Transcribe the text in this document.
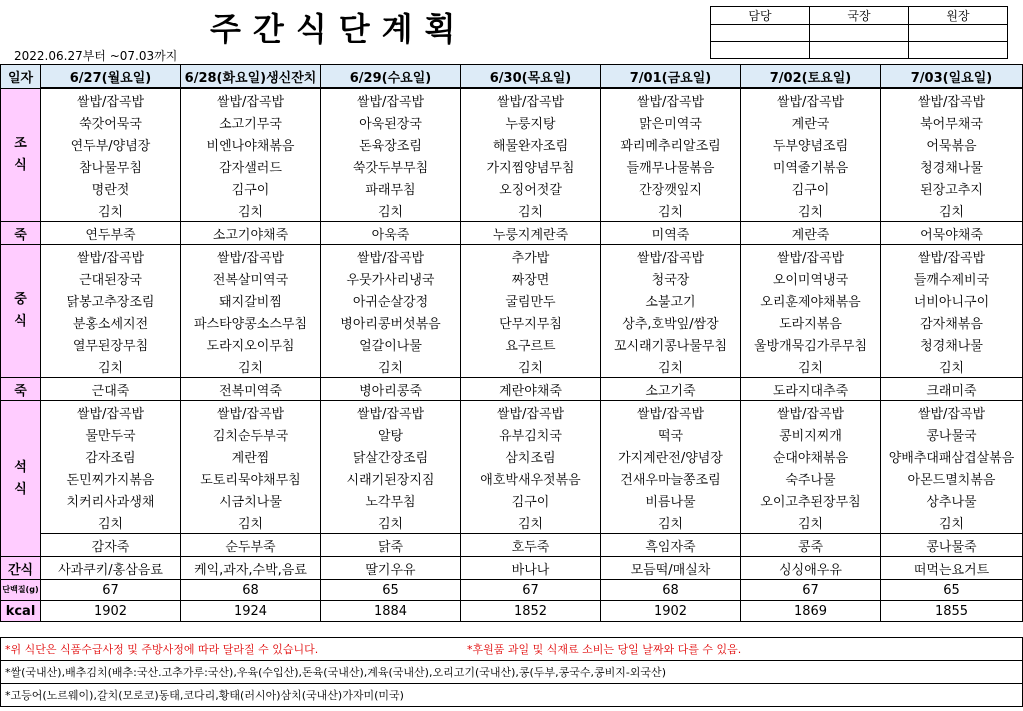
주간식단계획	담당	국장	원장

2022.06.27부터 ~07.03까지
일자	6/27(월요일)	6/28(화요일)생신잔치	6/29(수요일)	6/30(목요일)	7/01(금요일)	7/02(토요일)	7/03(일요일)
조식	쌀밥/잡곡밥	쌀밥/잡곡밥	쌀밥/잡곡밥	쌀밥/잡곡밥	쌀밥/잡곡밥	쌀밥/잡곡밥	쌀밥/잡곡밥
	쑥갓어묵국	소고기무국	아욱된장국	누룽지탕	맑은미역국	계란국	북어무채국
	연두부/양념장	비엔나야채볶음	돈육장조림	해물완자조림	꽈리메추리알조림	두부양념조림	어묵볶음
	참나물무침	감자샐러드	쑥갓두부무침	가지찜양념무침	들깨무나물볶음	미역줄기볶음	청경채나물
	명란젓	김구이	파래무침	오징어젓갈	간장깻잎지	김구이	된장고추지
	김치	김치	김치	김치	김치	김치	김치
죽	연두부죽	소고기야채죽	아욱죽	누룽지계란죽	미역죽	계란죽	어묵야채죽
중식	쌀밥/잡곡밥	쌀밥/잡곡밥	쌀밥/잡곡밥	추가밥	쌀밥/잡곡밥	쌀밥/잡곡밥	쌀밥/잡곡밥
	근대된장국	전복살미역국	우뭇가사리냉국	짜장면	청국장	오이미역냉국	들깨수제비국
	닭봉고추장조림	돼지갈비찜	아귀순살강정	굴림만두	소불고기	오리훈제야채볶음	너비아니구이
	분홍소세지전	파스타양콩소스무침	병아리콩버섯볶음	단무지무침	상추,호박잎/쌈장	도라지볶음	감자채볶음
	열무된장무침	도라지오이무침	얼갈이나물	요구르트	꼬시래기콩나물무침	울방개묵김가루무침	청경채나물
	김치	김치	김치	김치	김치	김치	김치
죽	근대죽	전복미역죽	병아리콩죽	계란야채죽	소고기죽	도라지대추죽	크래미죽
석식	쌀밥/잡곡밥	쌀밥/잡곡밥	쌀밥/잡곡밥	쌀밥/잡곡밥	쌀밥/잡곡밥	쌀밥/잡곡밥	쌀밥/잡곡밥
	물만두국	김치순두부국	알탕	유부김치국	떡국	콩비지찌개	콩나물국
	감자조림	계란찜	닭살간장조림	삼치조림	가지계란전/양념장	순대야채볶음	양배추대패삼겹살볶음
	돈민찌가지볶음	도토리묵야채무침	시래기된장지짐	애호박새우젓볶음	건새우마늘쫑조림	숙주나물	아몬드멸치볶음
	치커리사과생채	시금치나물	노각무침	김구이	비름나물	오이고추된장무침	상추나물
	김치	김치	김치	김치	김치	김치	김치
	감자죽	순두부죽	닭죽	호두죽	흑임자죽	콩죽	콩나물죽
간식	사과쿠키/홍삼음료	케익,과자,수박,음료	딸기우유	바나나	모듬떡/매실차	싱싱애우유	떠먹는요거트
단백질(g)	67	68	65	67	68	67	65
kcal	1902	1924	1884	1852	1902	1869	1855
*위 식단은 식품수급사정 및 주방사정에 따라 달라질 수 있습니다.	*후원품 과일 및 식재료 소비는 당일 날짜와 다를 수 있음.
*쌀(국내산),배추김치(배추:국산.고추가루:국산),우육(수입산),돈육(국내산),계육(국내산),오리고기(국내산),콩(두부,콩국수,콩비지-외국산)
*고등어(노르웨이),갈치(모로코)동태,코다리,황태(러시아)삼치(국내산)가자미(미국)
